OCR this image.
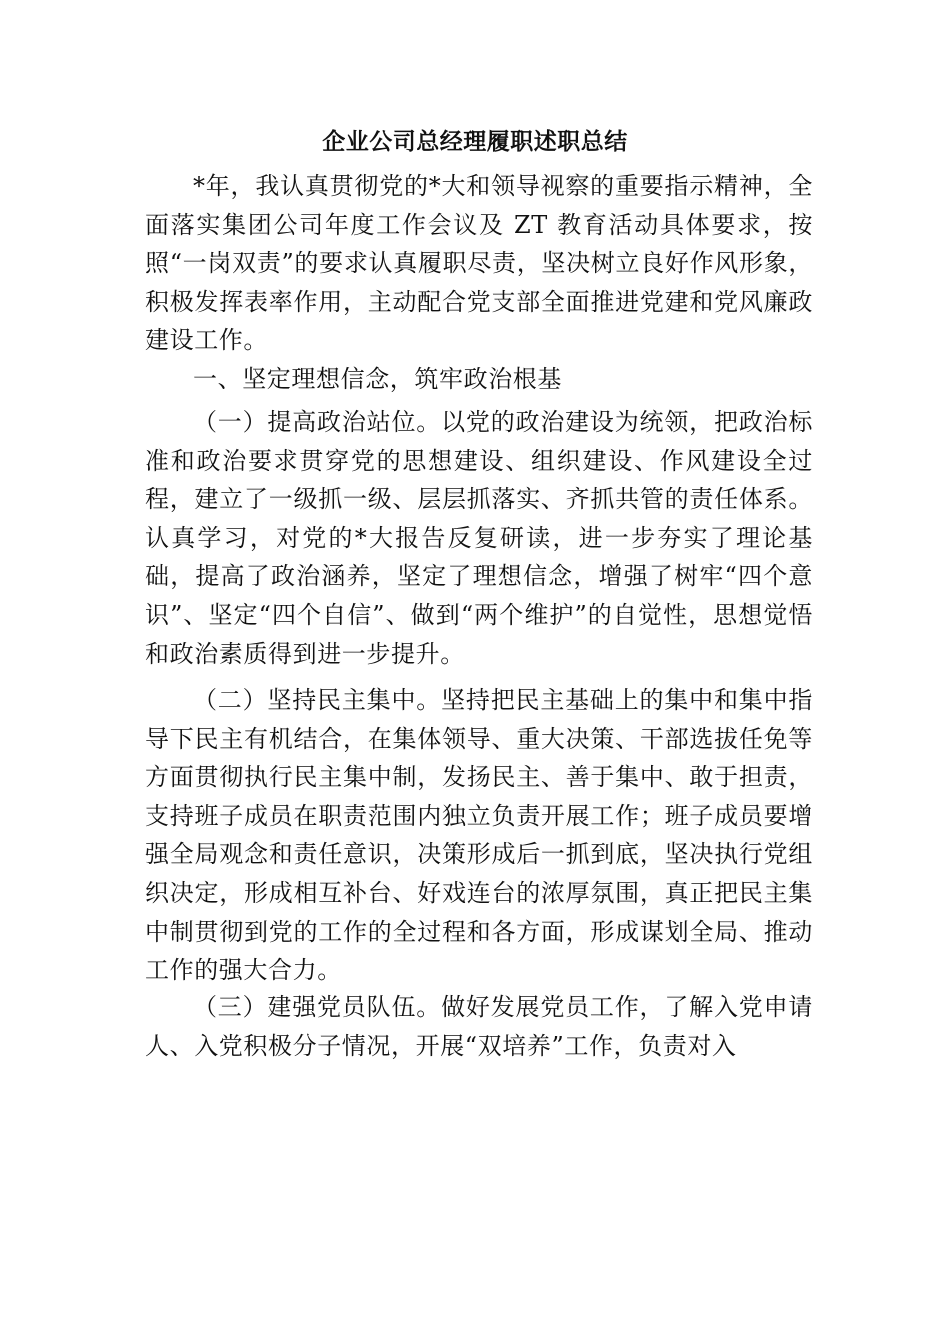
企业公司总经理履职述职总结

*年，我认真贯彻党的*大和领导视察的重要指示精神，全面落实集团公司年度工作会议及 ZT 教育活动具体要求，按照“一岗双责”的要求认真履职尽责，坚决树立良好作风形象，积极发挥表率作用，主动配合党支部全面推进党建和党风廉政建设工作。

一、坚定理想信念，筑牢政治根基

（一）提高政治站位。以党的政治建设为统领，把政治标准和政治要求贯穿党的思想建设、组织建设、作风建设全过程，建立了一级抓一级、层层抓落实、齐抓共管的责任体系。认真学习，对党的*大报告反复研读，进一步夯实了理论基础，提高了政治涵养，坚定了理想信念，增强了树牢“四个意识”、坚定“四个自信”、做到“两个维护”的自觉性，思想觉悟和政治素质得到进一步提升。

（二）坚持民主集中。坚持把民主基础上的集中和集中指导下民主有机结合，在集体领导、重大决策、干部选拔任免等方面贯彻执行民主集中制，发扬民主、善于集中、敢于担责，支持班子成员在职责范围内独立负责开展工作；班子成员要增强全局观念和责任意识，决策形成后一抓到底，坚决执行党组织决定，形成相互补台、好戏连台的浓厚氛围，真正把民主集中制贯彻到党的工作的全过程和各方面，形成谋划全局、推动工作的强大合力。

（三）建强党员队伍。做好发展党员工作，了解入党申请人、入党积极分子情况，开展“双培养”工作，负责对入
